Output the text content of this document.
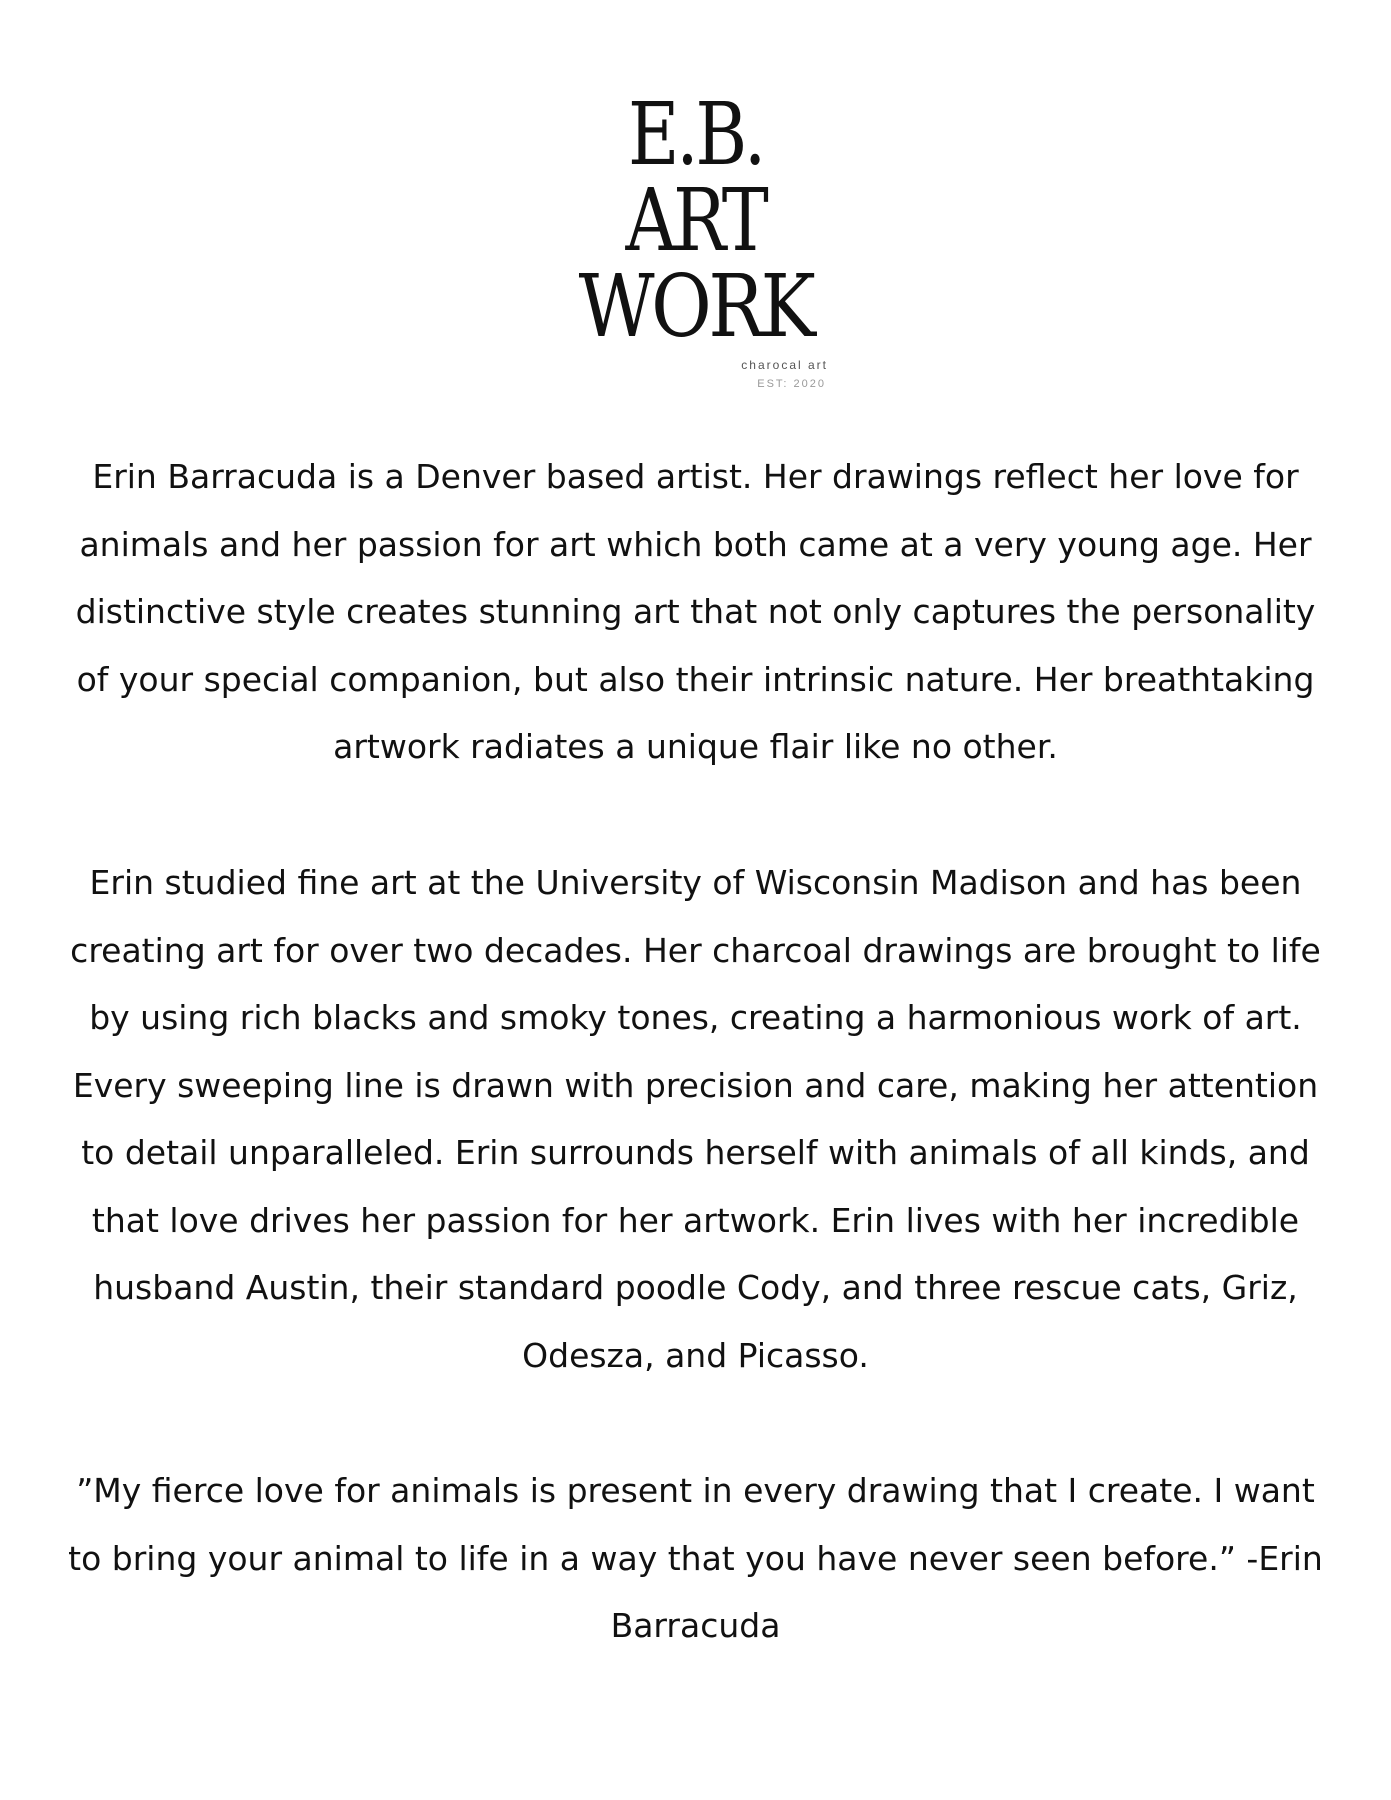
E.B.
ART
WORK
charocal art
EST: 2020

Erin Barracuda is a Denver based artist. Her drawings reflect her love for animals and her passion for art which both came at a very young age. Her distinctive style creates stunning art that not only captures the personality of your special companion, but also their intrinsic nature. Her breathtaking artwork radiates a unique flair like no other.

Erin studied fine art at the University of Wisconsin Madison and has been creating art for over two decades. Her charcoal drawings are brought to life by using rich blacks and smoky tones, creating a harmonious work of art. Every sweeping line is drawn with precision and care, making her attention to detail unparalleled. Erin surrounds herself with animals of all kinds, and that love drives her passion for her artwork. Erin lives with her incredible husband Austin, their standard poodle Cody, and three rescue cats, Griz, Odesza, and Picasso.

”My fierce love for animals is present in every drawing that I create. I want to bring your animal to life in a way that you have never seen before.” -Erin Barracuda
